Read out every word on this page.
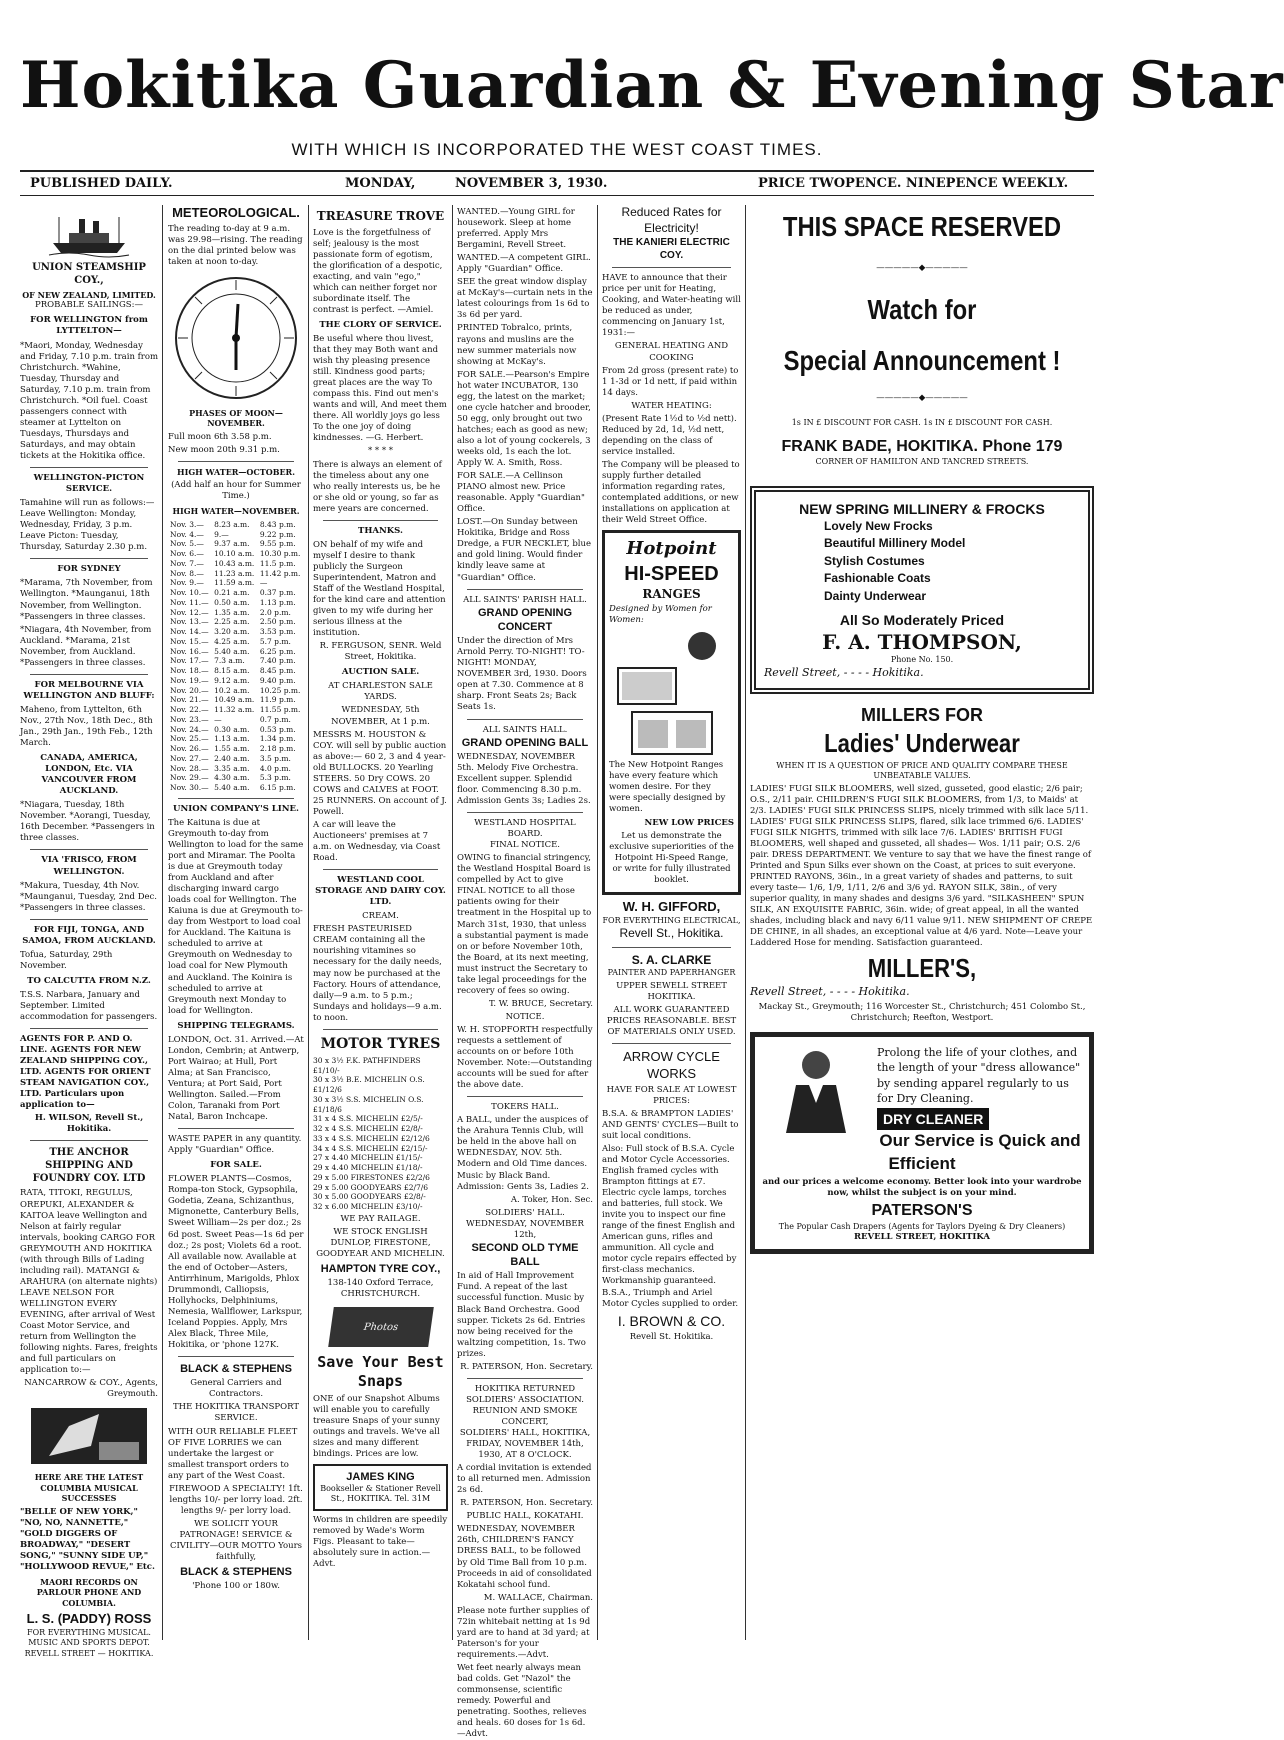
Hokitika Guardian & Evening Star
WITH WHICH IS INCORPORATED THE WEST COAST TIMES.
PUBLISHED DAILY.	MONDAY,	NOVEMBER 3, 1930.	PRICE TWOPENCE. NINEPENCE WEEKLY.
UNION STEAMSHIP COY.,
OF NEW ZEALAND, LIMITED.
PROBABLE SAILINGS:—
FOR WELLINGTON from LYTTELTON—

*Maori, Monday, Wednesday and Friday, 7.10 p.m. train from Christchurch. *Wahine, Tuesday, Thursday and Saturday, 7.10 p.m. train from Christchurch. *Oil fuel. Coast passengers connect with steamer at Lyttelton on Tuesdays, Thursdays and Saturdays, and may obtain tickets at the Hokitika office.

WELLINGTON-PICTON SERVICE.

Tamahine will run as follows:— Leave Wellington: Monday, Wednesday, Friday, 3 p.m. Leave Picton: Tuesday, Thursday, Saturday 2.30 p.m.

FOR SYDNEY

*Marama, 7th November, from Wellington. *Maunganui, 18th November, from Wellington. *Passengers in three classes.

*Niagara, 4th November, from Auckland. *Marama, 21st November, from Auckland. *Passengers in three classes.

FOR MELBOURNE VIA WELLINGTON AND BLUFF:

Maheno, from Lyttelton, 6th Nov., 27th Nov., 18th Dec., 8th Jan., 29th Jan., 19th Feb., 12th March.

CANADA, AMERICA, LONDON, Etc. VIA VANCOUVER FROM AUCKLAND.

*Niagara, Tuesday, 18th November. *Aorangi, Tuesday, 16th December. *Passengers in three classes.

VIA 'FRISCO, FROM WELLINGTON.

*Makura, Tuesday, 4th Nov. *Maunganui, Tuesday, 2nd Dec. *Passengers in three classes.

FOR FIJI, TONGA, AND SAMOA, FROM AUCKLAND.

Tofua, Saturday, 29th November.

TO CALCUTTA FROM N.Z.

T.S.S. Narbara, January and September. Limited accommodation for passengers.

AGENTS FOR P. AND O. LINE. AGENTS FOR NEW ZEALAND SHIPPING COY., LTD. AGENTS FOR ORIENT STEAM NAVIGATION COY., LTD. Particulars upon application to—

H. WILSON, Revell St., Hokitika.

THE ANCHOR SHIPPING AND FOUNDRY COY. LTD

RATA, TITOKI, REGULUS, OREPUKI, ALEXANDER & KAITOA leave Wellington and Nelson at fairly regular intervals, booking CARGO FOR GREYMOUTH AND HOKITIKA (with through Bills of Lading including rail). MATANGI & ARAHURA (on alternate nights) LEAVE NELSON FOR WELLINGTON EVERY EVENING, after arrival of West Coast Motor Service, and return from Wellington the following nights. Fares, freights and full particulars on application to:—

NANCARROW & COY., Agents, Greymouth.

HERE ARE THE LATEST COLUMBIA MUSICAL SUCCESSES

"BELLE OF NEW YORK," "NO, NO, NANNETTE," "GOLD DIGGERS OF BROADWAY," "DESERT SONG," "SUNNY SIDE UP," "HOLLYWOOD REVUE," Etc.

MAORI RECORDS ON PARLOUR PHONE AND COLUMBIA.
L. S. (PADDY) ROSS
FOR EVERYTHING MUSICAL.
MUSIC AND SPORTS DEPOT. REVELL STREET — HOKITIKA.
METEOROLOGICAL.

The reading to-day at 9 a.m. was 29.98—rising. The reading on the dial printed below was taken at noon to-day.

PHASES OF MOON—NOVEMBER.

Full moon 6th 3.58 p.m.

New moon 20th 9.31 p.m.

HIGH WATER—OCTOBER.

(Add half an hour for Summer Time.)

HIGH WATER—NOVEMBER.
Nov. 3.—	8.23 a.m.	8.43 p.m.
Nov. 4.—	9.—	9.22 p.m.
Nov. 5.—	9.37 a.m.	9.55 p.m.
Nov. 6.—	10.10 a.m.	10.30 p.m.
Nov. 7.—	10.43 a.m.	11.5 p.m.
Nov. 8.—	11.23 a.m.	11.42 p.m.
Nov. 9.—	11.59 a.m.	—
Nov. 10.—	0.21 a.m.	0.37 p.m.
Nov. 11.—	0.50 a.m.	1.13 p.m.
Nov. 12.—	1.35 a.m.	2.0 p.m.
Nov. 13.—	2.25 a.m.	2.50 p.m.
Nov. 14.—	3.20 a.m.	3.53 p.m.
Nov. 15.—	4.25 a.m.	5.7 p.m.
Nov. 16.—	5.40 a.m.	6.25 p.m.
Nov. 17.—	7.3 a.m.	7.40 p.m.
Nov. 18.—	8.15 a.m.	8.45 p.m.
Nov. 19.—	9.12 a.m.	9.40 p.m.
Nov. 20.—	10.2 a.m.	10.25 p.m.
Nov. 21.—	10.49 a.m.	11.9 p.m.
Nov. 22.—	11.32 a.m.	11.55 p.m.
Nov. 23.—	—	0.7 p.m.
Nov. 24.—	0.30 a.m.	0.53 p.m.
Nov. 25.—	1.13 a.m.	1.34 p.m.
Nov. 26.—	1.55 a.m.	2.18 p.m.
Nov. 27.—	2.40 a.m.	3.5 p.m.
Nov. 28.—	3.35 a.m.	4.0 p.m.
Nov. 29.—	4.30 a.m.	5.3 p.m.
Nov. 30.—	5.40 a.m.	6.15 p.m.
UNION COMPANY'S LINE.

The Kaituna is due at Greymouth to-day from Wellington to load for the same port and Miramar. The Poolta is due at Greymouth today from Auckland and after discharging inward cargo loads coal for Wellington. The Kaiuna is due at Greymouth to-day from Westport to load coal for Auckland. The Kaituna is scheduled to arrive at Greymouth on Wednesday to load coal for New Plymouth and Auckland. The Koinira is scheduled to arrive at Greymouth next Monday to load for Wellington.

SHIPPING TELEGRAMS.

LONDON, Oct. 31. Arrived.—At London, Cembrin; at Antwerp, Port Wairao; at Hull, Port Alma; at San Francisco, Ventura; at Port Said, Port Wellington. Sailed.—From Colon, Taranaki from Port Natal, Baron Inchcape.

WASTE PAPER in any quantity. Apply "Guardian" Office.

FOR SALE.

FLOWER PLANTS—Cosmos, Rompa-ton Stock, Gypsophila, Godetia, Zeana, Schizanthus, Mignonette, Canterbury Bells, Sweet William—2s per doz.; 2s 6d post. Sweet Peas—1s 6d per doz.; 2s post; Violets 6d a root. All available now. Available at the end of October—Asters, Antirrhinum, Marigolds, Phlox Drummondi, Calliopsis, Hollyhocks, Delphiniums, Nemesia, Wallflower, Larkspur, Iceland Poppies. Apply, Mrs Alex Black, Three Mile, Hokitika, or 'phone 127K.

BLACK & STEPHENS

General Carriers and Contractors.

THE HOKITIKA TRANSPORT SERVICE.

WITH OUR RELIABLE FLEET OF FIVE LORRIES we can undertake the largest or smallest transport orders to any part of the West Coast.

FIREWOOD A SPECIALTY! 1ft. lengths 10/- per lorry load. 2ft. lengths 9/- per lorry load.

WE SOLICIT YOUR PATRONAGE! SERVICE & CIVILITY—OUR MOTTO Yours faithfully,

BLACK & STEPHENS

'Phone 100 or 180w.

TREASURE TROVE

Love is the forgetfulness of self; jealousy is the most passionate form of egotism, the glorification of a despotic, exacting, and vain "ego," which can neither forget nor subordinate itself. The contrast is perfect. —Amiel.

THE CLORY OF SERVICE.

Be useful where thou livest, that they may Both want and wish thy pleasing presence still. Kindness good parts; great places are the way To compass this. Find out men's wants and will, And meet them there. All worldly joys go less To the one joy of doing kindnesses. —G. Herbert.

* * * *

There is always an element of the timeless about any one who really interests us, be he or she old or young, so far as mere years are concerned.

THANKS.

ON behalf of my wife and myself I desire to thank publicly the Surgeon Superintendent, Matron and Staff of the Westland Hospital, for the kind care and attention given to my wife during her serious illness at the institution.

R. FERGUSON, SENR. Weld Street, Hokitika.

AUCTION SALE.

AT CHARLESTON SALE YARDS.

WEDNESDAY, 5th NOVEMBER, At 1 p.m.

MESSRS M. HOUSTON & COY. will sell by public auction as above:— 60 2, 3 and 4 year-old BULLOCKS. 20 Yearling STEERS. 50 Dry COWS. 20 COWS and CALVES at FOOT. 25 RUNNERS. On account of J. Powell.

A car will leave the Auctioneers' premises at 7 a.m. on Wednesday, via Coast Road.

WESTLAND COOL STORAGE AND DAIRY COY. LTD.
CREAM.

FRESH PASTEURISED CREAM containing all the nourishing vitamines so necessary for the daily needs, may now be purchased at the Factory. Hours of attendance, daily—9 a.m. to 5 p.m.; Sundays and holidays—9 a.m. to noon.

MOTOR TYRES
30 x 3½ F.K. PATHFINDERS £1/10/-
30 x 3½ B.E. MICHELIN O.S. £1/12/6
30 x 3½ S.S. MICHELIN O.S. £1/18/6
31 x 4 S.S. MICHELIN £2/5/-
32 x 4 S.S. MICHELIN £2/8/-
33 x 4 S.S. MICHELIN £2/12/6
34 x 4 S.S. MICHELIN £2/15/-
27 x 4.40 MICHELIN £1/15/-
29 x 4.40 MICHELIN £1/18/-
29 x 5.00 FIRESTONES £2/2/6
29 x 5.00 GOODYEARS £2/7/6
30 x 5.00 GOODYEARS £2/8/-
32 x 6.00 MICHELIN £3/10/-

WE PAY RAILAGE.

WE STOCK ENGLISH DUNLOP, FIRESTONE, GOODYEAR AND MICHELIN.

HAMPTON TYRE COY.,

138-140 Oxford Terrace, CHRISTCHURCH.

Photos
Save Your Best Snaps

ONE of our Snapshot Albums will enable you to carefully treasure Snaps of your sunny outings and travels. We've all sizes and many different bindings. Prices are low.

JAMES KING
Bookseller & Stationer Revell St., HOKITIKA. Tel. 31M

Worms in children are speedily removed by Wade's Worm Figs. Pleasant to take—absolutely sure in action.—Advt.

WANTED.—Young GIRL for housework. Sleep at home preferred. Apply Mrs Bergamini, Revell Street.

WANTED.—A competent GIRL. Apply "Guardian" Office.

SEE the great window display at McKay's—curtain nets in the latest colourings from 1s 6d to 3s 6d per yard.

PRINTED Tobralco, prints, rayons and muslins are the new summer materials now showing at McKay's.

FOR SALE.—Pearson's Empire hot water INCUBATOR, 130 egg, the latest on the market; one cycle hatcher and brooder, 50 egg, only brought out two hatches; each as good as new; also a lot of young cockerels, 3 weeks old, 1s each the lot. Apply W. A. Smith, Ross.

FOR SALE.—A Cellinson PIANO almost new. Price reasonable. Apply "Guardian" Office.

LOST.—On Sunday between Hokitika, Bridge and Ross Dredge, a FUR NECKLET, blue and gold lining. Would finder kindly leave same at "Guardian" Office.

ALL SAINTS' PARISH HALL.
GRAND OPENING CONCERT

Under the direction of Mrs Arnold Perry. TO-NIGHT! TO-NIGHT! MONDAY, NOVEMBER 3rd, 1930. Doors open at 7.30. Commence at 8 sharp. Front Seats 2s; Back Seats 1s.

ALL SAINTS HALL.
GRAND OPENING BALL

WEDNESDAY, NOVEMBER 5th. Melody Five Orchestra. Excellent supper. Splendid floor. Commencing 8.30 p.m. Admission Gents 3s; Ladies 2s.

WESTLAND HOSPITAL BOARD.
FINAL NOTICE.

OWING to financial stringency, the Westland Hospital Board is compelled by Act to give FINAL NOTICE to all those patients owing for their treatment in the Hospital up to March 31st, 1930, that unless a substantial payment is made on or before November 10th, the Board, at its next meeting, must instruct the Secretary to take legal proceedings for the recovery of fees so owing.

T. W. BRUCE, Secretary.

NOTICE.

W. H. STOPFORTH respectfully requests a settlement of accounts on or before 10th November. Note:—Outstanding accounts will be sued for after the above date.

TOKERS HALL.

A BALL, under the auspices of the Arahura Tennis Club, will be held in the above hall on WEDNESDAY, NOV. 5th. Modern and Old Time dances. Music by Black Band. Admission: Gents 3s, Ladies 2.

A. Toker, Hon. Sec.

SOLDIERS' HALL.
WEDNESDAY, NOVEMBER 12th,
SECOND OLD TYME BALL

In aid of Hall Improvement Fund. A repeat of the last successful function. Music by Black Band Orchestra. Good supper. Tickets 2s 6d. Entries now being received for the waltzing competition, 1s. Two prizes.

R. PATERSON, Hon. Secretary.

HOKITIKA RETURNED SOLDIERS' ASSOCIATION.
REUNION AND SMOKE CONCERT,
SOLDIERS' HALL, HOKITIKA,
FRIDAY, NOVEMBER 14th, 1930, AT 8 O'CLOCK.

A cordial invitation is extended to all returned men. Admission 2s 6d.

R. PATERSON, Hon. Secretary.

PUBLIC HALL, KOKATAHI.

WEDNESDAY, NOVEMBER 26th, CHILDREN'S FANCY DRESS BALL, to be followed by Old Time Ball from 10 p.m. Proceeds in aid of consolidated Kokatahi school fund.

M. WALLACE, Chairman.

Please note further supplies of 72in whitebait netting at 1s 9d yard are to hand at 3d yard; at Paterson's for your requirements.—Advt.

Wet feet nearly always mean bad colds. Get "Nazol" the commonsense, scientific remedy. Powerful and penetrating. Soothes, relieves and heals. 60 doses for 1s 6d.—Advt.

Reduced Rates for Electricity!
THE KANIERI ELECTRIC COY.

HAVE to announce that their price per unit for Heating, Cooking, and Water-heating will be reduced as under, commencing on January 1st, 1931:—

GENERAL HEATING AND COOKING

From 2d gross (present rate) to 1 1-3d or 1d nett, if paid within 14 days.

WATER HEATING:

(Present Rate 1½d to ½d nett). Reduced by 2d, 1d, ½d nett, depending on the class of service installed.

The Company will be pleased to supply further detailed information regarding rates, contemplated additions, or new installations on application at their Weld Street Office.

Hotpoint
HI-SPEED
RANGES

Designed by Women for Women:

The New Hotpoint Ranges have every feature which women desire. For they were specially designed by women.

NEW LOW PRICES

Let us demonstrate the exclusive superiorities of the Hotpoint Hi-Speed Range, or write for fully illustrated booklet.

W. H. GIFFORD,
FOR EVERYTHING ELECTRICAL,
Revell St., Hokitika.
S. A. CLARKE
PAINTER AND PAPERHANGER

UPPER SEWELL STREET HOKITIKA.

ALL WORK GUARANTEED PRICES REASONABLE. BEST OF MATERIALS ONLY USED.

ARROW CYCLE WORKS

HAVE FOR SALE AT LOWEST PRICES:

B.S.A. & BRAMPTON LADIES' AND GENTS' CYCLES—Built to suit local conditions.

Also: Full stock of B.S.A. Cycle and Motor Cycle Accessories. English framed cycles with Brampton fittings at £7. Electric cycle lamps, torches and batteries, full stock. We invite you to inspect our fine range of the finest English and American guns, rifles and ammunition. All cycle and motor cycle repairs effected by first-class mechanics. Workmanship guaranteed. B.S.A., Triumph and Ariel Motor Cycles supplied to order.

I. BROWN & CO.

Revell St. Hokitika.

THIS SPACE RESERVED
—————◆—————
Watch for
Special Announcement !
—————◆—————
1s IN £ DISCOUNT FOR CASH. 1s IN £ DISCOUNT FOR CASH.
FRANK BADE, HOKITIKA. Phone 179
CORNER OF HAMILTON AND TANCRED STREETS.
NEW SPRING MILLINERY & FROCKS
Lovely New Frocks
Beautiful Millinery Model
Stylish Costumes
Fashionable Coats
Dainty Underwear
All So Moderately Priced
F. A. THOMPSON,
Phone No. 150.
Revell Street, - - - - Hokitika.
MILLERS FOR
Ladies' Underwear
WHEN IT IS A QUESTION OF PRICE AND QUALITY COMPARE THESE UNBEATABLE VALUES.

LADIES' FUGI SILK BLOOMERS, well sized, gusseted, good elastic; 2/6 pair; O.S., 2/11 pair. CHILDREN'S FUGI SILK BLOOMERS, from 1/3, to Maids' at 2/3. LADIES' FUGI SILK PRINCESS SLIPS, nicely trimmed with silk lace 5/11. LADIES' FUGI SILK PRINCESS SLIPS, flared, silk lace trimmed 6/6. LADIES' FUGI SILK NIGHTS, trimmed with silk lace 7/6. LADIES' BRITISH FUGI BLOOMERS, well shaped and gusseted, all shades— Wos. 1/11 pair; O.S. 2/6 pair. DRESS DEPARTMENT. We venture to say that we have the finest range of Printed and Spun Silks ever shown on the Coast, at prices to suit everyone. PRINTED RAYONS, 36in., in a great variety of shades and patterns, to suit every taste— 1/6, 1/9, 1/11, 2/6 and 3/6 yd. RAYON SILK, 38in., of very superior quality, in many shades and designs 3/6 yard. "SILKASHEEN" SPUN SILK, AN EXQUISITE FABRIC, 36in. wide; of great appeal, in all the wanted shades, including black and navy 6/11 value 9/11. NEW SHIPMENT OF CREPE DE CHINE, in all shades, an exceptional value at 4/6 yard. Note—Leave your Laddered Hose for mending. Satisfaction guaranteed.

MILLER'S,
Revell Street, - - - - Hokitika.

Mackay St., Greymouth; 116 Worcester St., Christchurch; 451 Colombo St., Christchurch; Reefton, Westport.

Prolong the life of your clothes, and the length of your "dress allowance" by sending apparel regularly to us for Dry Cleaning.

DRY CLEANER
Our Service is Quick and Efficient

and our prices a welcome economy. Better look into your wardrobe now, whilst the subject is on your mind.

PATERSON'S
The Popular Cash Drapers (Agents for Taylors Dyeing & Dry Cleaners)
REVELL STREET, HOKITIKA
